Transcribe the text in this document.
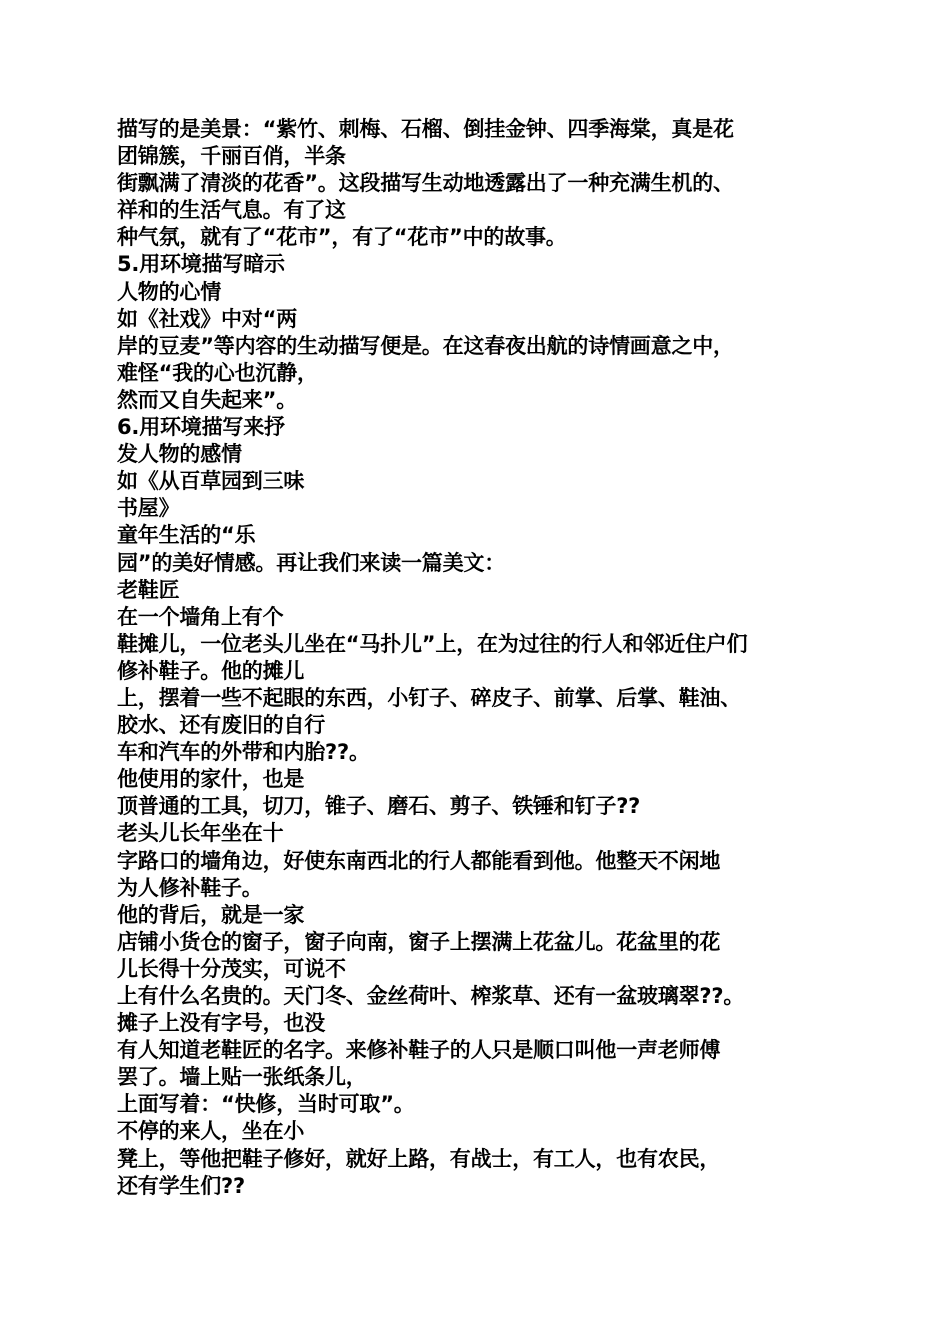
描写的是美景：“紫竹、刺梅、石榴、倒挂金钟、四季海棠，真是花
团锦簇，千丽百俏，半条
街飘满了清淡的花香”。这段描写生动地透露出了一种充满生机的、
祥和的生活气息。有了这
种气氛，就有了“花市”，有了“花市”中的故事。
5.用环境描写暗示
人物的心情
如《社戏》中对“两
岸的豆麦”等内容的生动描写便是。在这春夜出航的诗情画意之中，
难怪“我的心也沉静，
然而又自失起来”。
6.用环境描写来抒
发人物的感情
如《从百草园到三味
书屋》
童年生活的“乐
园”的美好情感。再让我们来读一篇美文：
老鞋匠
在一个墙角上有个
鞋摊儿，一位老头儿坐在“马扑儿”上，在为过往的行人和邻近住户们
修补鞋子。他的摊儿
上，摆着一些不起眼的东西，小钉子、碎皮子、前掌、后掌、鞋油、
胶水、还有废旧的自行
车和汽车的外带和内胎??。
他使用的家什，也是
顶普通的工具，切刀，锥子、磨石、剪子、铁锤和钉子??
老头儿长年坐在十
字路口的墙角边，好使东南西北的行人都能看到他。他整天不闲地
为人修补鞋子。
他的背后，就是一家
店铺小货仓的窗子，窗子向南，窗子上摆满上花盆儿。花盆里的花
儿长得十分茂实，可说不
上有什么名贵的。天门冬、金丝荷叶、榨浆草、还有一盆玻璃翠??。
摊子上没有字号，也没
有人知道老鞋匠的名字。来修补鞋子的人只是顺口叫他一声老师傅
罢了。墙上贴一张纸条儿，
上面写着：“快修，当时可取”。
不停的来人，坐在小
凳上，等他把鞋子修好，就好上路，有战士，有工人，也有农民，
还有学生们??
